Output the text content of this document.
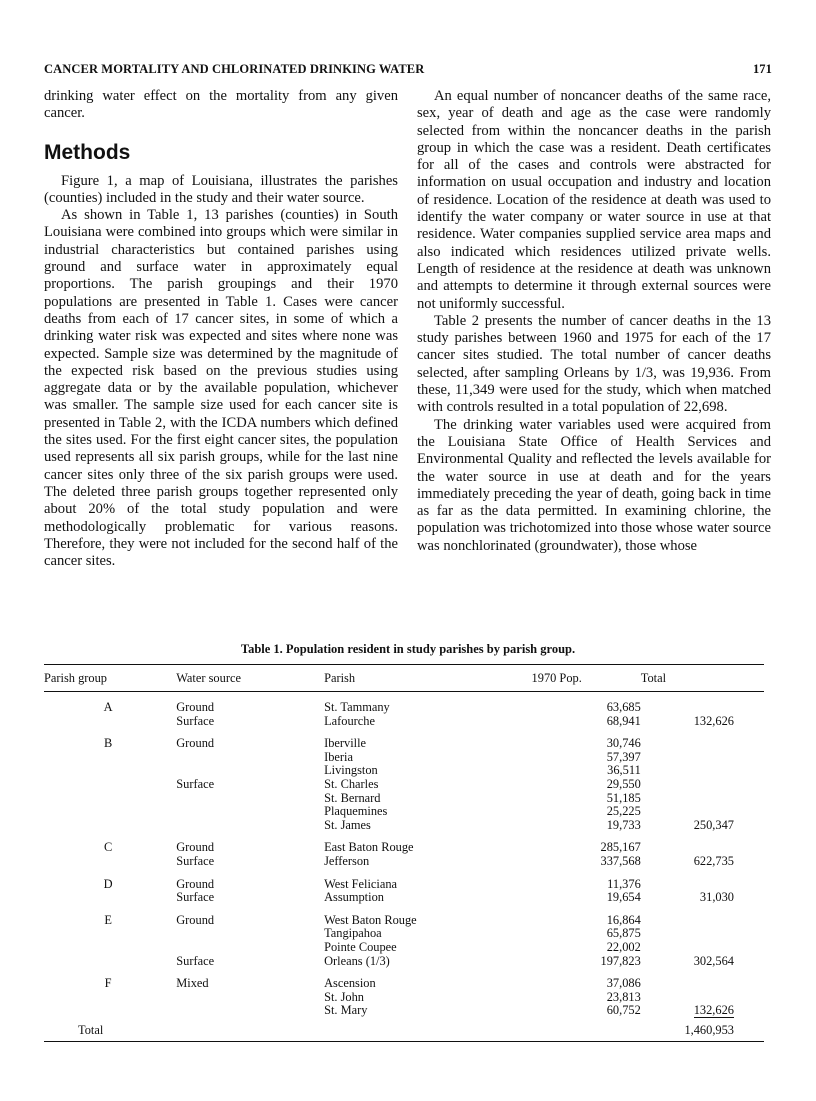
CANCER MORTALITY AND CHLORINATED DRINKING WATER	171

drinking water effect on the mortality from any given cancer.

Methods

Figure 1, a map of Louisiana, illustrates the parishes (counties) included in the study and their water source.

As shown in Table 1, 13 parishes (counties) in South Louisiana were combined into groups which were similar in industrial characteristics but contained parishes using ground and surface water in approximately equal proportions. The parish groupings and their 1970 populations are presented in Table 1. Cases were cancer deaths from each of 17 cancer sites, in some of which a drinking water risk was expected and sites where none was expected. Sample size was determined by the magnitude of the expected risk based on the previous studies using aggregate data or by the available population, whichever was smaller. The sample size used for each cancer site is presented in Table 2, with the ICDA numbers which defined the sites used. For the first eight cancer sites, the population used represents all six parish groups, while for the last nine cancer sites only three of the six parish groups were used. The deleted three parish groups together represented only about 20% of the total study population and were methodologically problematic for various reasons. Therefore, they were not included for the second half of the cancer sites.

An equal number of noncancer deaths of the same race, sex, year of death and age as the case were randomly selected from within the noncancer deaths in the parish group in which the case was a resident. Death certificates for all of the cases and controls were abstracted for information on usual occupation and industry and location of residence. Location of the residence at death was used to identify the water company or water source in use at that residence. Water companies supplied service area maps and also indicated which residences utilized private wells. Length of residence at the residence at death was unknown and attempts to determine it through external sources were not uniformly successful.

Table 2 presents the number of cancer deaths in the 13 study parishes between 1960 and 1975 for each of the 17 cancer sites studied. The total number of cancer deaths selected, after sampling Orleans by 1/3, was 19,936. From these, 11,349 were used for the study, which when matched with controls resulted in a total population of 22,698.

The drinking water variables used were acquired from the Louisiana State Office of Health Services and Environmental Quality and reflected the levels available for the water source in use at death and for the years immediately preceding the year of death, going back in time as far as the data permitted. In examining chlorine, the population was trichotomized into those whose water source was nonchlorinated (groundwater), those whose

Table 1. Population resident in study parishes by parish group.
Parish group	Water source	Parish	1970 Pop.	Total
A	Ground	St. Tammany	63,685	
	Surface	Lafourche	68,941	132,626
B	Ground	Iberville	30,746	
		Iberia	57,397	
		Livingston	36,511	
	Surface	St. Charles	29,550	
		St. Bernard	51,185	
		Plaquemines	25,225	
		St. James	19,733	250,347
C	Ground	East Baton Rouge	285,167	
	Surface	Jefferson	337,568	622,735
D	Ground	West Feliciana	11,376	
	Surface	Assumption	19,654	31,030
E	Ground	West Baton Rouge	16,864	
		Tangipahoa	65,875	
		Pointe Coupee	22,002	
	Surface	Orleans (1/3)	197,823	302,564
F	Mixed	Ascension	37,086	
		St. John	23,813	
		St. Mary	60,752	132,626
Total				1,460,953
